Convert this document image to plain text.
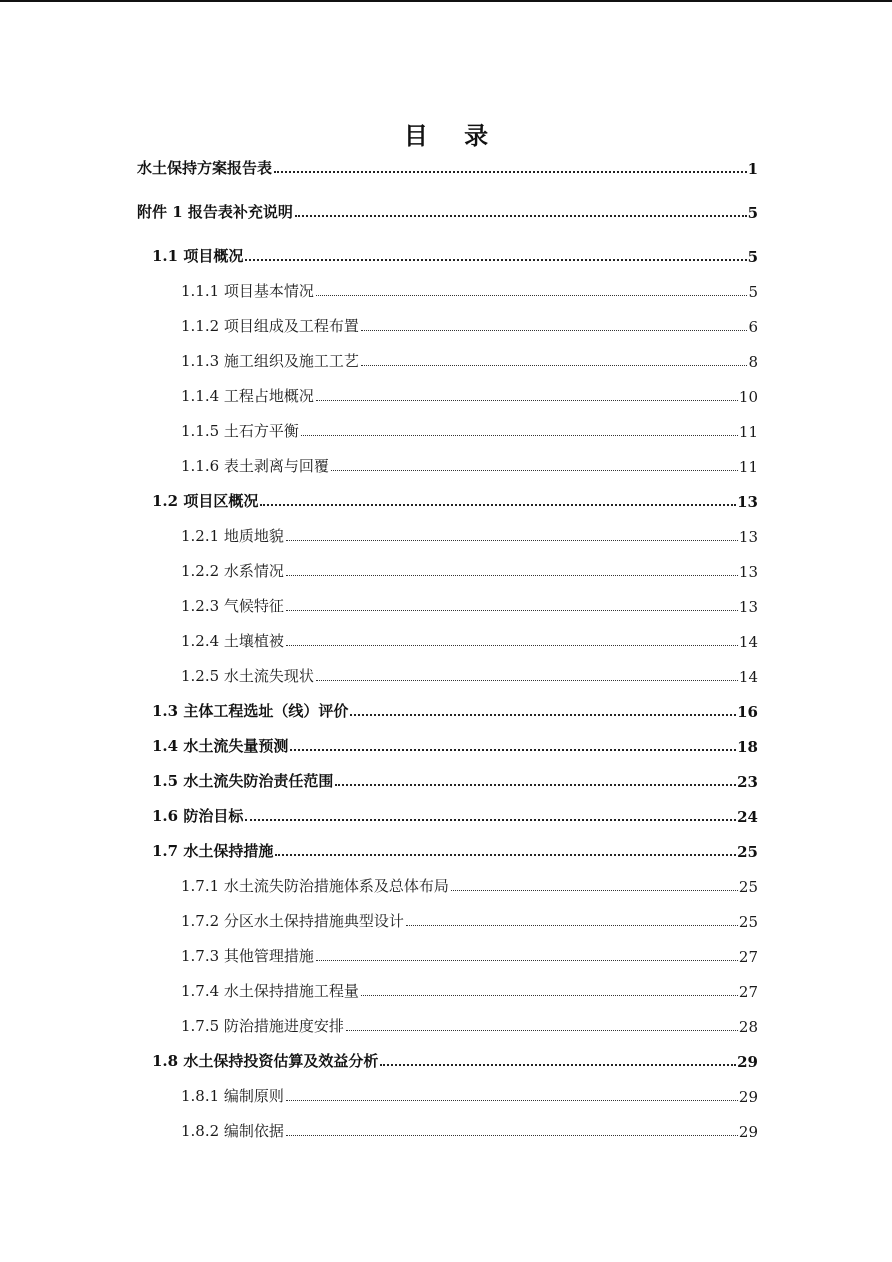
目 录
水土保持方案报告表	1
附件 1 报告表补充说明	5
1.1 项目概况	5
1.1.1 项目基本情况	5
1.1.2 项目组成及工程布置	6
1.1.3 施工组织及施工工艺	8
1.1.4 工程占地概况	10
1.1.5 土石方平衡	11
1.1.6 表土剥离与回覆	11
1.2 项目区概况	13
1.2.1 地质地貌	13
1.2.2 水系情况	13
1.2.3 气候特征	13
1.2.4 土壤植被	14
1.2.5 水土流失现状	14
1.3 主体工程选址（线）评价	16
1.4 水土流失量预测	18
1.5 水土流失防治责任范围	23
1.6 防治目标	24
1.7 水土保持措施	25
1.7.1 水土流失防治措施体系及总体布局	25
1.7.2 分区水土保持措施典型设计	25
1.7.3 其他管理措施	27
1.7.4 水土保持措施工程量	27
1.7.5 防治措施进度安排	28
1.8 水土保持投资估算及效益分析	29
1.8.1 编制原则	29
1.8.2 编制依据	29
